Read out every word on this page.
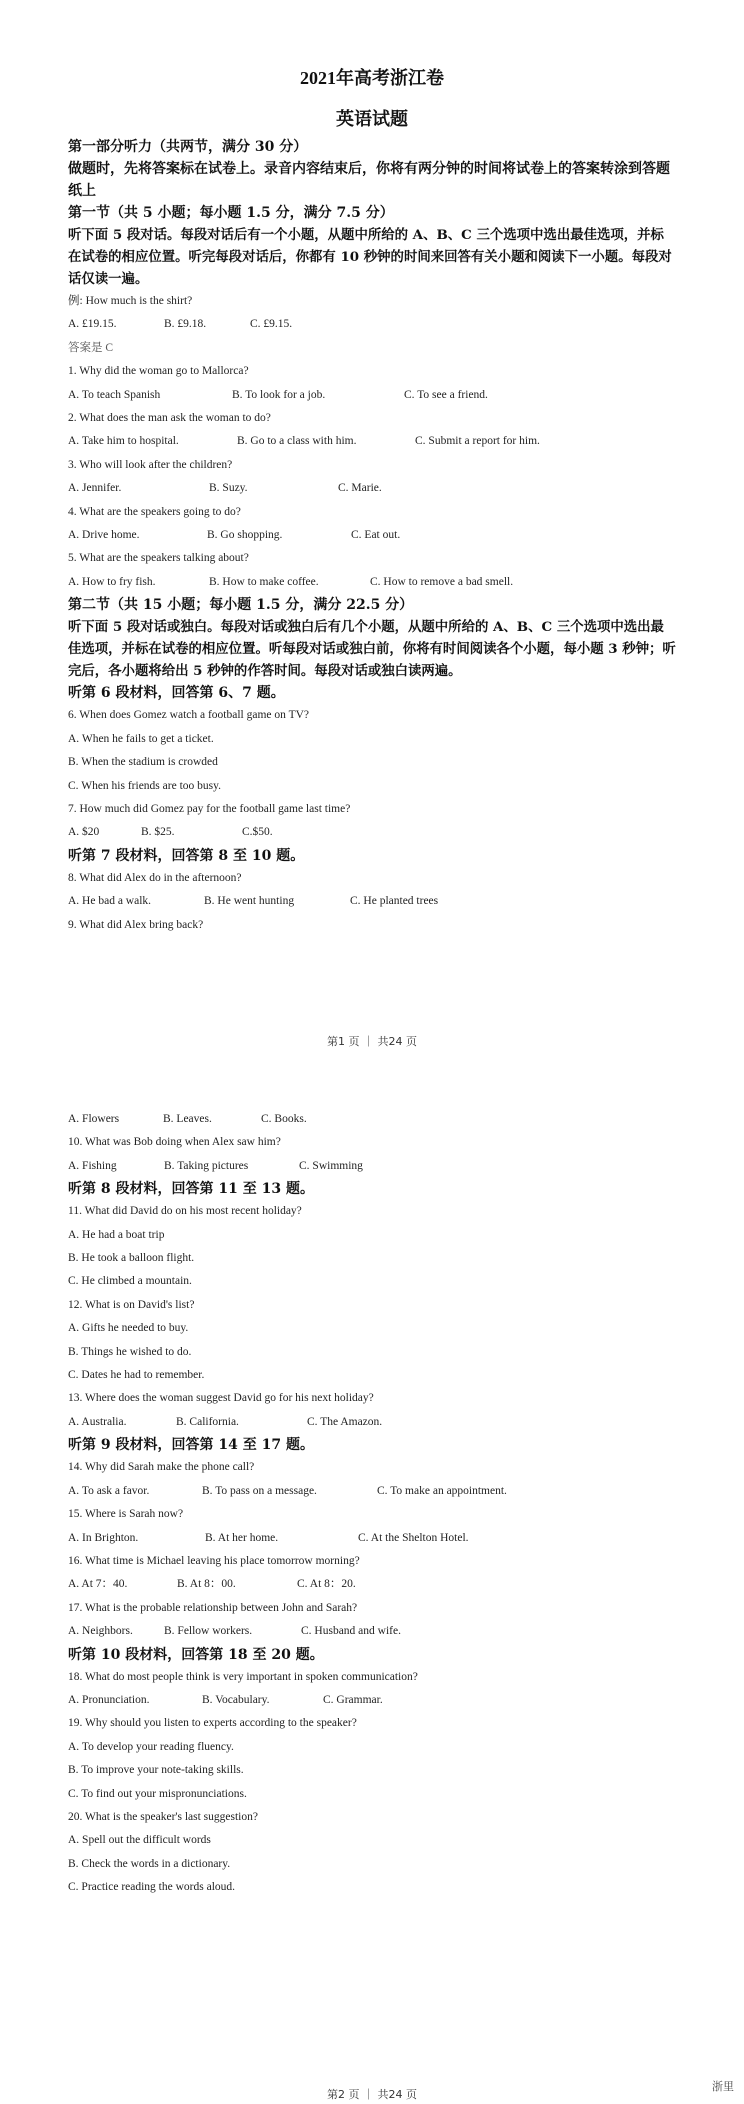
2021年高考浙江卷
英语试题

第一部分听力（共两节，满分 30 分）

做题时，先将答案标在试卷上。录音内容结束后，你将有两分钟的时间将试卷上的答案转涂到答题纸上

第一节（共 5 小题；每小题 1.5 分，满分 7.5 分）

听下面 5 段对话。每段对话后有一个小题，从题中所给的 A、B、C 三个选项中选出最佳选项，并标在试卷的相应位置。听完每段对话后，你都有 10 秒钟的时间来回答有关小题和阅读下一小题。每段对话仅读一遍。

例: How much is the shirt?

A. £19.15.	B. £9.18.	C. £9.15.

答案是 C

1. Why did the woman go to Mallorca?

A. To teach Spanish	B. To look for a job.	C. To see a friend.

2. What does the man ask the woman to do?

A. Take him to hospital.	B. Go to a class with him.	C. Submit a report for him.

3. Who will look after the children?

A. Jennifer.	B. Suzy.	C. Marie.

4. What are the speakers going to do?

A. Drive home.	B. Go shopping.	C. Eat out.

5. What are the speakers talking about?

A. How to fry fish.	B. How to make coffee.	C. How to remove a bad smell.

第二节（共 15 小题；每小题 1.5 分，满分 22.5 分）

听下面 5 段对话或独白。每段对话或独白后有几个小题，从题中所给的 A、B、C 三个选项中选出最佳选项，并标在试卷的相应位置。听每段对话或独白前，你将有时间阅读各个小题，每小题 3 秒钟；听完后，各小题将给出 5 秒钟的作答时间。每段对话或独白读两遍。

听第 6 段材料，回答第 6、7 题。

6. When does Gomez watch a football game on TV?

A. When he fails to get a ticket.

B. When the stadium is crowded

C. When his friends are too busy.

7. How much did Gomez pay for the football game last time?

A. $20	B. $25.	C.$50.

听第 7 段材料，回答第 8 至 10 题。

8. What did Alex do in the afternoon?

A. He bad a walk.	B. He went hunting	C. He planted trees

9. What did Alex bring back?

第1 页 ｜ 共24 页

A. Flowers	B. Leaves.	C. Books.

10. What was Bob doing when Alex saw him?

A. Fishing	B. Taking pictures	C. Swimming

听第 8 段材料，回答第 11 至 13 题。

11. What did David do on his most recent holiday?

A. He had a boat trip

B. He took a balloon flight.

C. He climbed a mountain.

12. What is on David's list?

A. Gifts he needed to buy.

B. Things he wished to do.

C. Dates he had to remember.

13. Where does the woman suggest David go for his next holiday?

A. Australia.	B. California.	C. The Amazon.

听第 9 段材料，回答第 14 至 17 题。

14. Why did Sarah make the phone call?

A. To ask a favor.	B. To pass on a message.	C. To make an appointment.

15. Where is Sarah now?

A. In Brighton.	B. At her home.	C. At the Shelton Hotel.

16. What time is Michael leaving his place tomorrow morning?

A. At 7：40.	B. At 8：00.	C. At 8：20.

17. What is the probable relationship between John and Sarah?

A. Neighbors.	B. Fellow workers.	C. Husband and wife.

听第 10 段材料，回答第 18 至 20 题。

18. What do most people think is very important in spoken communication?

A. Pronunciation.	B. Vocabulary.	C. Grammar.

19. Why should you listen to experts according to the speaker?

A. To develop your reading fluency.

B. To improve your note-taking skills.

C. To find out your mispronunciations.

20. What is the speaker's last suggestion?

A. Spell out the difficult words

B. Check the words in a dictionary.

C. Practice reading the words aloud.

浙里
第2 页 ｜ 共24 页
